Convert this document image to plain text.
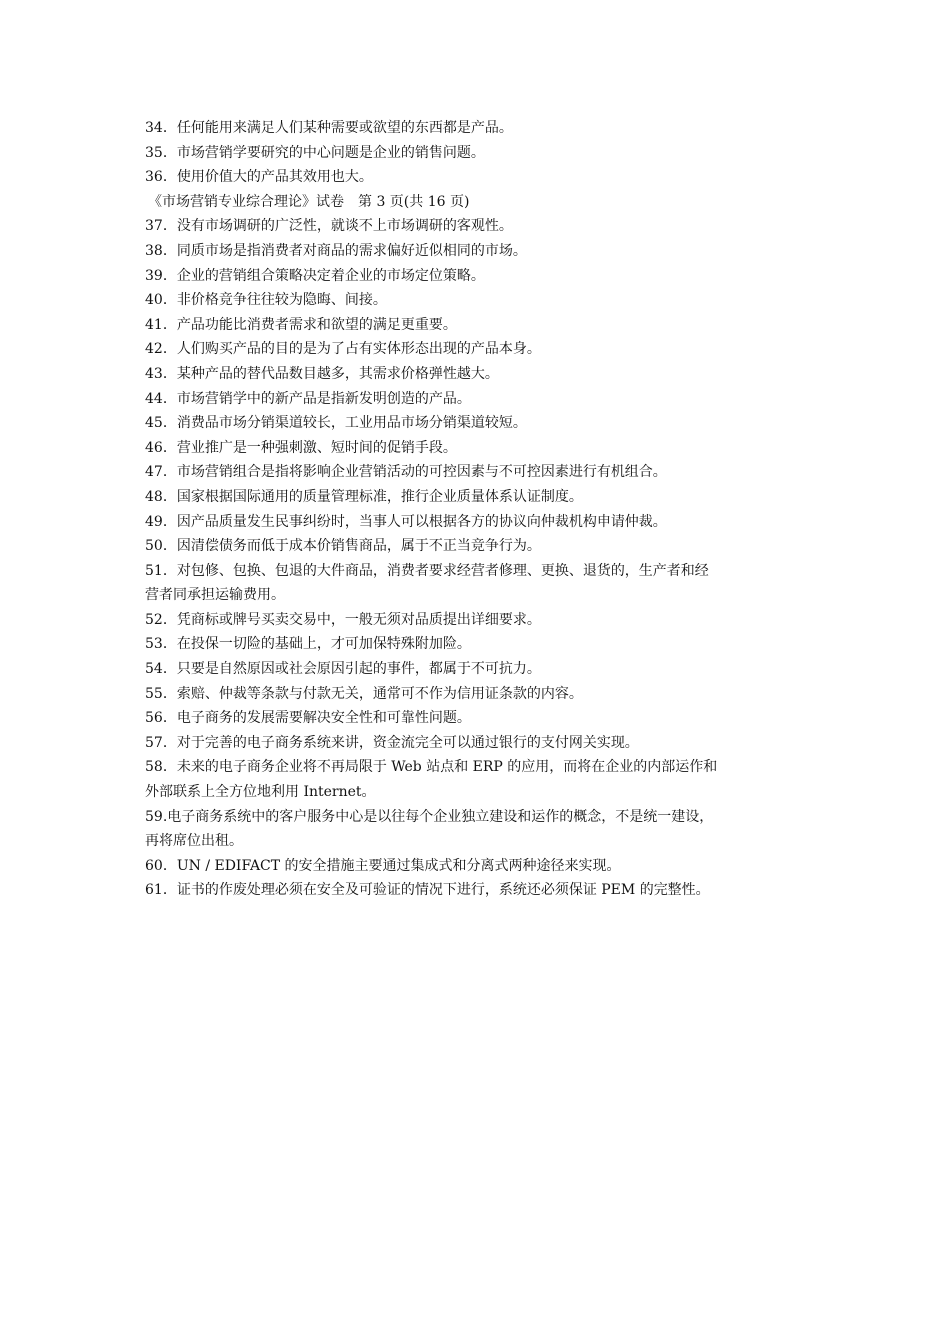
34．任何能用来满足人们某种需要或欲望的东西都是产品。

35．市场营销学要研究的中心问题是企业的销售问题。

36．使用价值大的产品其效用也大。

《市场营销专业综合理论》试卷　第 3 页(共 16 页)

37．没有市场调研的广泛性，就谈不上市场调研的客观性。

38．同质市场是指消费者对商品的需求偏好近似相同的市场。

39．企业的营销组合策略决定着企业的市场定位策略。

40．非价格竞争往往较为隐晦、间接。

41．产品功能比消费者需求和欲望的满足更重要。

42．人们购买产品的目的是为了占有实体形态出现的产品本身。

43．某种产品的替代品数目越多，其需求价格弹性越大。

44．市场营销学中的新产品是指新发明创造的产品。

45．消费品市场分销渠道较长，工业用品市场分销渠道较短。

46．营业推广是一种强刺激、短时间的促销手段。

47．市场营销组合是指将影响企业营销活动的可控因素与不可控因素进行有机组合。

48．国家根据国际通用的质量管理标准，推行企业质量体系认证制度。

49．因产品质量发生民事纠纷时，当事人可以根据各方的协议向仲裁机构申请仲裁。

50．因清偿债务而低于成本价销售商品，属于不正当竞争行为。

51．对包修、包换、包退的大件商品，消费者要求经营者修理、更换、退货的，生产者和经

营者同承担运输费用。

52．凭商标或牌号买卖交易中，一般无须对品质提出详细要求。

53．在投保一切险的基础上，才可加保特殊附加险。

54．只要是自然原因或社会原因引起的事件，都属于不可抗力。

55．索赔、仲裁等条款与付款无关，通常可不作为信用证条款的内容。

56．电子商务的发展需要解决安全性和可靠性问题。

57．对于完善的电子商务系统来讲，资金流完全可以通过银行的支付网关实现。

58．未来的电子商务企业将不再局限于 Web 站点和 ERP 的应用，而将在企业的内部运作和

外部联系上全方位地利用 Internet。

59.电子商务系统中的客户服务中心是以往每个企业独立建设和运作的概念，不是统一建设，

再将席位出租。

60．UN / EDIFACT 的安全措施主要通过集成式和分离式两种途径来实现。

61．证书的作废处理必须在安全及可验证的情况下进行，系统还必须保证 PEM 的完整性。
